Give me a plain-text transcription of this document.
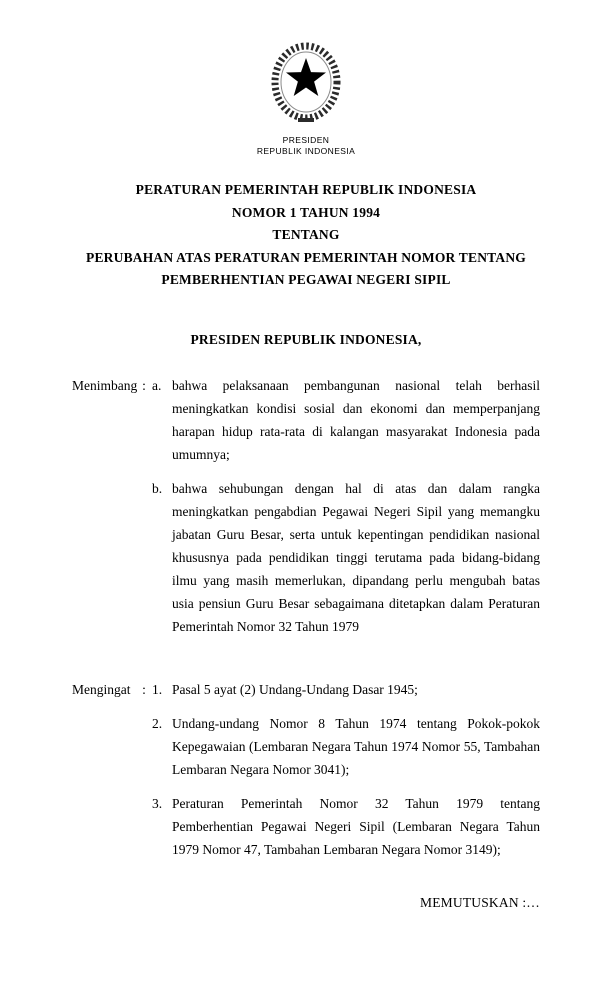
PRESIDEN
REPUBLIK INDONESIA
PERATURAN PEMERINTAH REPUBLIK INDONESIA
NOMOR 1 TAHUN 1994
TENTANG
PERUBAHAN ATAS PERATURAN PEMERINTAH NOMOR TENTANG
PEMBERHENTIAN PEGAWAI NEGERI SIPIL
PRESIDEN REPUBLIK INDONESIA,
Menimbang : a. bahwa pelaksanaan pembangunan nasional telah berhasil meningkatkan kondisi sosial dan ekonomi dan memperpanjang harapan hidup rata-rata di kalangan masyarakat Indonesia pada umumnya;
b. bahwa sehubungan dengan hal di atas dan dalam rangka meningkatkan pengabdian Pegawai Negeri Sipil yang memangku jabatan Guru Besar, serta untuk kepentingan pendidikan nasional khususnya pada pendidikan tinggi terutama pada bidang-bidang ilmu yang masih memerlukan, dipandang perlu mengubah batas usia pensiun Guru Besar sebagaimana ditetapkan dalam Peraturan Pemerintah Nomor 32 Tahun 1979
Mengingat : 1. Pasal 5 ayat (2) Undang-Undang Dasar 1945;
2. Undang-undang Nomor 8 Tahun 1974 tentang Pokok-pokok Kepegawaian (Lembaran Negara Tahun 1974 Nomor 55, Tambahan Lembaran Negara Nomor 3041);
3. Peraturan Pemerintah Nomor 32 Tahun 1979 tentang Pemberhentian Pegawai Negeri Sipil (Lembaran Negara Tahun 1979 Nomor 47, Tambahan Lembaran Negara Nomor 3149);
MEMUTUSKAN :…
